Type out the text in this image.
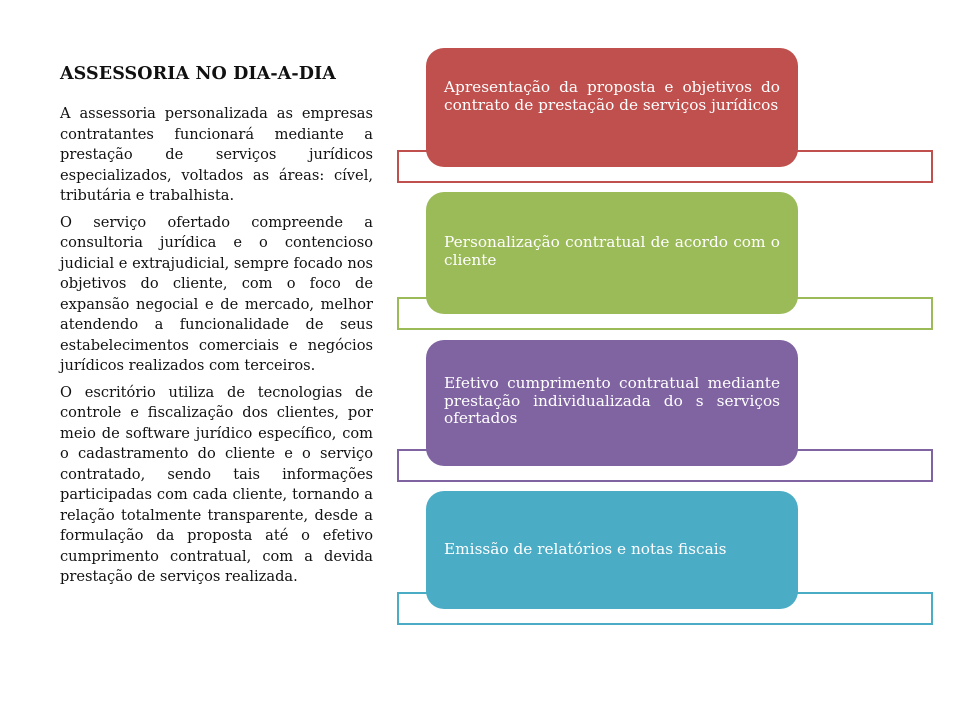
ASSESSORIA NO DIA-A-DIA

A assessoria personalizada as empresas contratantes funcionará mediante a prestação de serviços jurídicos especializados, voltados as áreas: cível, tributária e trabalhista.

O serviço ofertado compreende a consultoria jurídica e o contencioso judicial e extrajudicial, sempre focado nos objetivos do cliente, com o foco de expansão negocial e de mercado, melhor atendendo a funcionalidade de seus estabelecimentos comerciais e negócios jurídicos realizados com terceiros.

O escritório utiliza de tecnologias de controle e fiscalização dos clientes, por meio de software jurídico específico, com o cadastramento do cliente e o serviço contratado, sendo tais informações participadas com cada cliente, tornando a relação totalmente transparente, desde a formulação da proposta até o efetivo cumprimento contratual, com a devida prestação de serviços realizada.

Apresentação da proposta e objetivos do contrato de prestação de serviços jurídicos
Personalização contratual de acordo com o cliente
Efetivo cumprimento contratual mediante prestação individualizada do s serviços ofertados
Emissão de relatórios e notas fiscais
